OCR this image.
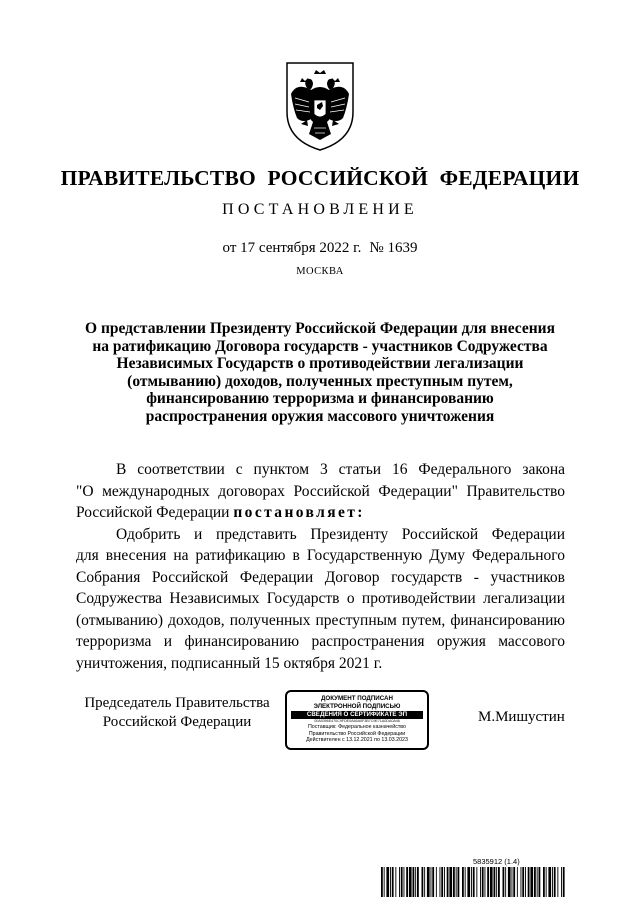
ПРАВИТЕЛЬСТВО РОССИЙСКОЙ ФЕДЕРАЦИИ
ПОСТАНОВЛЕНИЕ
от 17 сентября 2022 г. № 1639
МОСКВА
О представлении Президенту Российской Федерации для внесения
на ратификацию Договора государств - участников Содружества
Независимых Государств о противодействии легализации
(отмыванию) доходов, полученных преступным путем,
финансированию терроризма и финансированию
распространения оружия массового уничтожения
В соответствии с пунктом 3 статьи 16 Федерального закона
"О международных договорах Российской Федерации" Правительство
Российской Федерации постановляет:
Одобрить и представить Президенту Российской Федерации
для внесения на ратификацию в Государственную Думу Федерального
Собрания Российской Федерации Договор государств - участников
Содружества Независимых Государств о противодействии легализации
(отмыванию) доходов, полученных преступным путем, финансированию
терроризма и финансированию распространения оружия массового
уничтожения, подписанный 15 октября 2021 г.
Председатель Правительства
Российской Федерации
ДОКУМЕНТ ПОДПИСАН
ЭЛЕКТРОННОЙ ПОДПИСЬЮ
СВЕДЕНИЯ О СЕРТИФИКАТЕ ЭП
00A5396E470C9FDE0A46A0F3B7C9E71A0DA0A46
Поставщик: Федеральное казначейство
Правительство Российской Федерации
Действителен с 13.12.2021 по 13.03.2023
М.Мишустин
5835912 (1.4)
